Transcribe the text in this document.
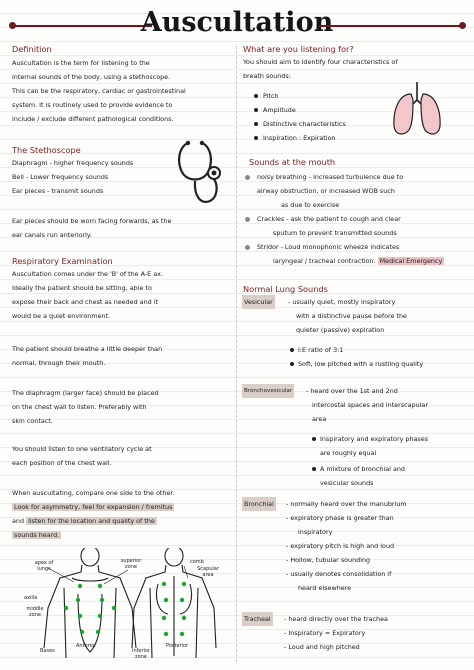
Auscultation
Definition
Auscultation is the term for listening to the
internal sounds of the body, using a stethoscope.
This can be the respiratory, cardiac or gastrointestinal
system. It is routinely used to provide evidence to
include / exclude different pathological conditions.
The Stethoscope
Diaphragm - higher frequency sounds
Bell - Lower frequency sounds
Ear pieces - transmit sounds
Ear pieces should be worn facing forwards, as the
ear canals run anteriorly.
Respiratory Examination
Auscultation comes under the 'B' of the A-E ax.
Ideally the patient should be sitting, able to
expose their back and chest as needed and it
would be a quiet environment.
The patient should breathe a little deeper than
normal, through their mouth.
The diaphragm (larger face) should be placed
on the chest wall to listen. Preferably with
skin contact.
You should listen to one ventilatory cycle at
each position of the chest wall.
When auscultating, compare one side to the other.
Look for asymmetry, feel for expansion / fremitus
and listen for the location and quality of the
sounds heard.
apex of lungs
superior zone
comb
Scapular area
axilla
middle zone
Bases
Anterior
Inferior zone
Posterior
What are you listening for?
You should aim to identify four characteristics of
breath sounds:
Pitch
Amplitude
Distinctive characteristics
Inspiration : Expiration
Sounds at the mouth
noisy breathing - increased turbulence due to
airway obstruction, or increased WOB such
as due to exercise
Crackles - ask the patient to cough and clear
sputum to prevent transmitted sounds
Stridor - Loud monophonic wheeze indicates
laryngeal / tracheal contraction. Medical Emergency
Normal Lung Sounds
Vesicular	- usually quiet, mostly inspiratory
with a distinctive pause before the
quieter (passive) expiration
I:E ratio of 3:1
Soft, low pitched with a rustling quality
Bronchovesicular	- heard over the 1st and 2nd
intercostal spaces and interscapular
area
Inspiratory and expiratory phases
are roughly equal
A mixture of bronchial and
vesicular sounds
Bronchial	- normally heard over the manubrium
- expiratory phase is greater than
inspiratory
- expiratory pitch is high and loud
- Hollow, tubular sounding
- usually denotes consolidation if
heard elsewhere
Tracheal	- heard directly over the trachea
- Inspiratory = Expiratory
- Loud and high pitched
